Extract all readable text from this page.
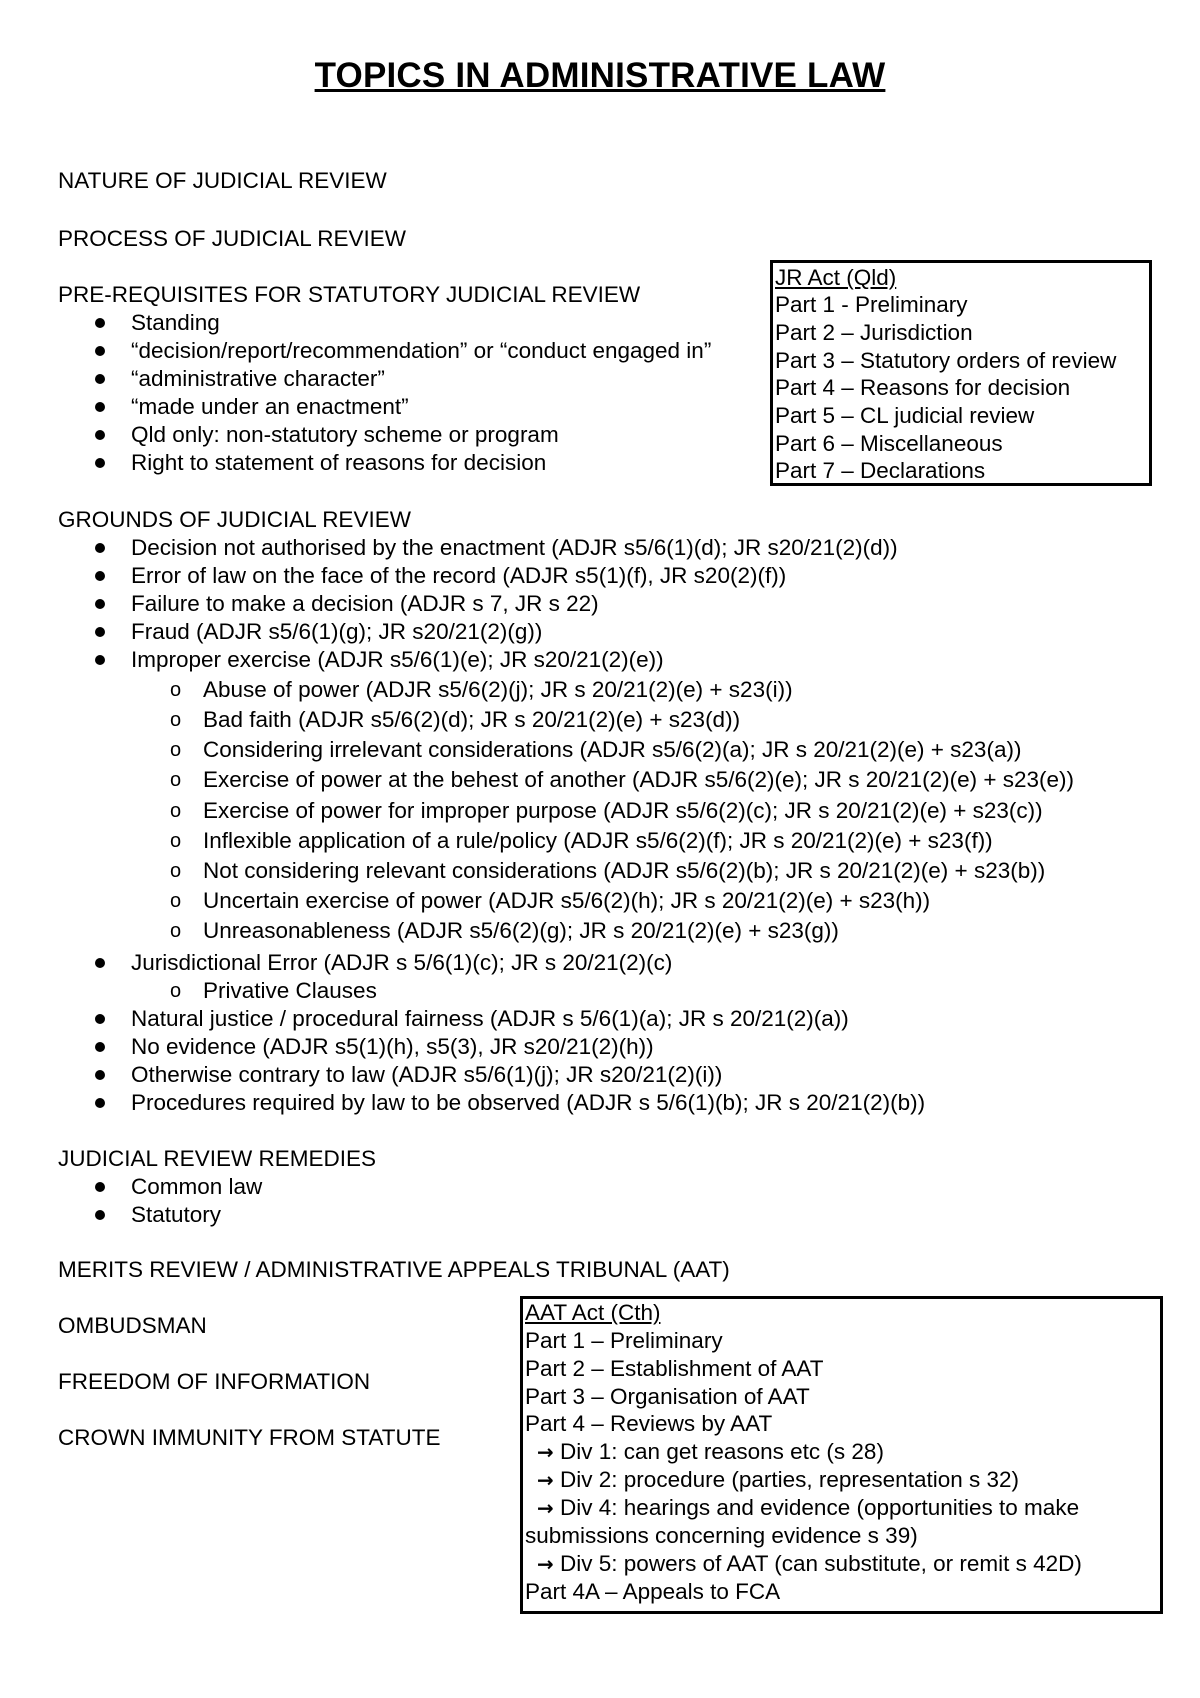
TOPICS IN ADMINISTRATIVE LAW
NATURE OF JUDICIAL REVIEW
PROCESS OF JUDICIAL REVIEW
PRE-REQUISITES FOR STATUTORY JUDICIAL REVIEW
Standing
“decision/report/recommendation” or “conduct engaged in”
“administrative character”
“made under an enactment”
Qld only: non-statutory scheme or program
Right to statement of reasons for decision
JR Act (Qld)
Part 1 - Preliminary
Part 2 – Jurisdiction
Part 3 – Statutory orders of review
Part 4 – Reasons for decision
Part 5 – CL judicial review
Part 6 – Miscellaneous
Part 7 – Declarations
GROUNDS OF JUDICIAL REVIEW
Decision not authorised by the enactment (ADJR s5/6(1)(d); JR s20/21(2)(d))
Error of law on the face of the record (ADJR s5(1)(f), JR s20(2)(f))
Failure to make a decision (ADJR s 7, JR s 22)
Fraud (ADJR s5/6(1)(g); JR s20/21(2)(g))
Improper exercise (ADJR s5/6(1)(e); JR s20/21(2)(e))
o Abuse of power (ADJR s5/6(2)(j); JR s 20/21(2)(e) + s23(i))
o Bad faith (ADJR s5/6(2)(d); JR s 20/21(2)(e) + s23(d))
o Considering irrelevant considerations (ADJR s5/6(2)(a); JR s 20/21(2)(e) + s23(a))
o Exercise of power at the behest of another (ADJR s5/6(2)(e); JR s 20/21(2)(e) + s23(e))
o Exercise of power for improper purpose (ADJR s5/6(2)(c); JR s 20/21(2)(e) + s23(c))
o Inflexible application of a rule/policy (ADJR s5/6(2)(f); JR s 20/21(2)(e) + s23(f))
o Not considering relevant considerations (ADJR s5/6(2)(b); JR s 20/21(2)(e) + s23(b))
o Uncertain exercise of power (ADJR s5/6(2)(h); JR s 20/21(2)(e) + s23(h))
o Unreasonableness (ADJR s5/6(2)(g); JR s 20/21(2)(e) + s23(g))
Jurisdictional Error (ADJR s 5/6(1)(c); JR s 20/21(2)(c)
o Privative Clauses
Natural justice / procedural fairness (ADJR s 5/6(1)(a); JR s 20/21(2)(a))
No evidence (ADJR s5(1)(h), s5(3), JR s20/21(2)(h))
Otherwise contrary to law (ADJR s5/6(1)(j); JR s20/21(2)(i))
Procedures required by law to be observed (ADJR s 5/6(1)(b); JR s 20/21(2)(b))
JUDICIAL REVIEW REMEDIES
Common law
Statutory
MERITS REVIEW / ADMINISTRATIVE APPEALS TRIBUNAL (AAT)
OMBUDSMAN
FREEDOM OF INFORMATION
CROWN IMMUNITY FROM STATUTE
AAT Act (Cth)
Part 1 – Preliminary
Part 2 – Establishment of AAT
Part 3 – Organisation of AAT
Part 4 – Reviews by AAT
→ Div 1: can get reasons etc (s 28)
→ Div 2: procedure (parties, representation s 32)
→ Div 4: hearings and evidence (opportunities to make
submissions concerning evidence s 39)
→ Div 5: powers of AAT (can substitute, or remit s 42D)
Part 4A – Appeals to FCA
